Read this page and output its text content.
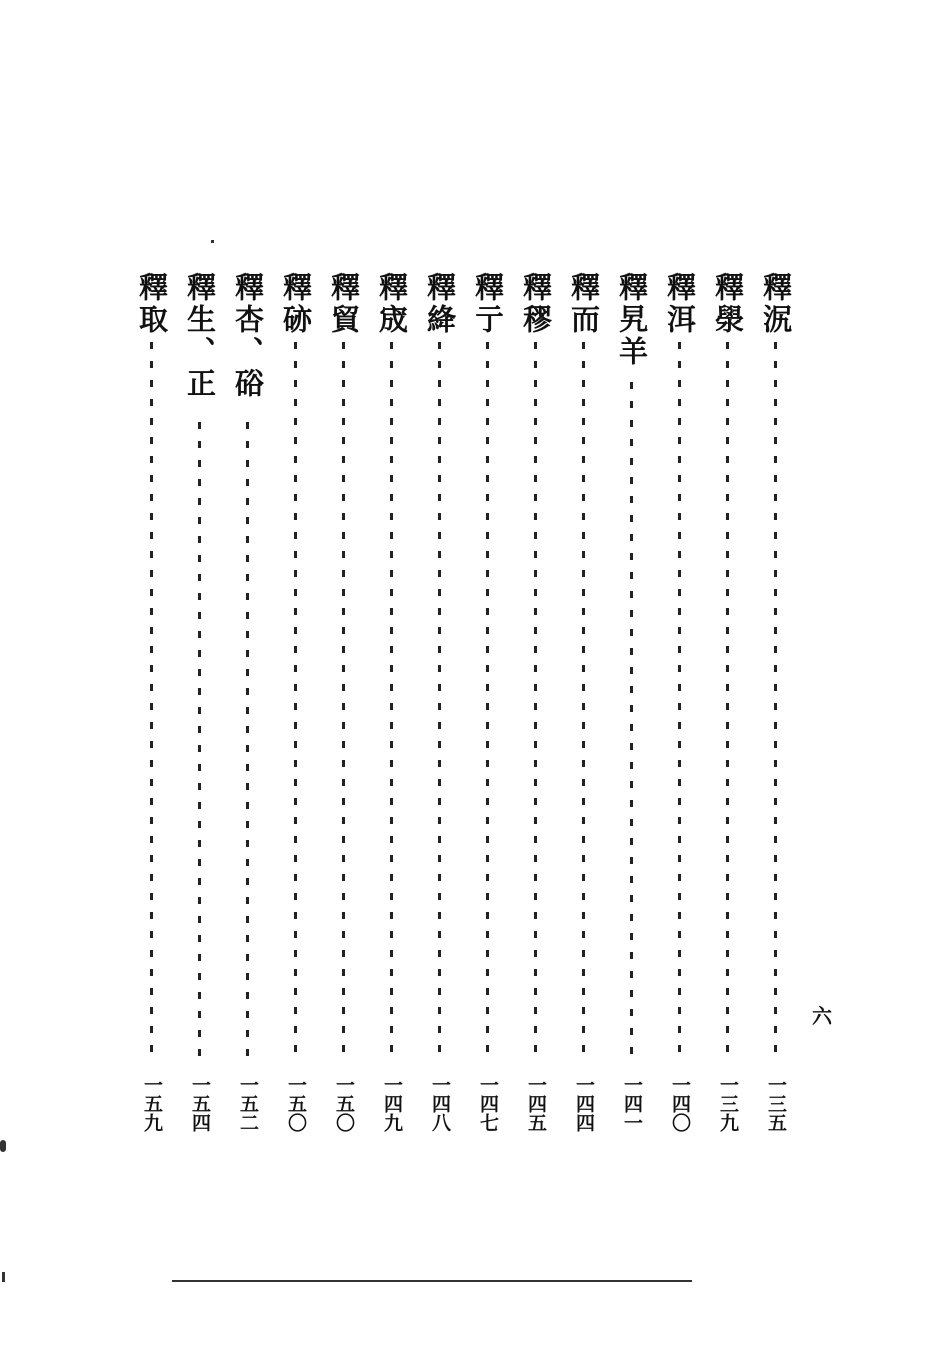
釋泦
一三五
釋澩
一三九
釋洱
一四〇
釋旯羊
一四一
釋而
一四四
釋穋
一四五
釋亍
一四七
釋絳
一四八
釋宬
一四九
釋貿
一五〇
釋硛
一五〇
釋杏、硲
一五二
釋生、正
一五四
釋取
一五九
六
